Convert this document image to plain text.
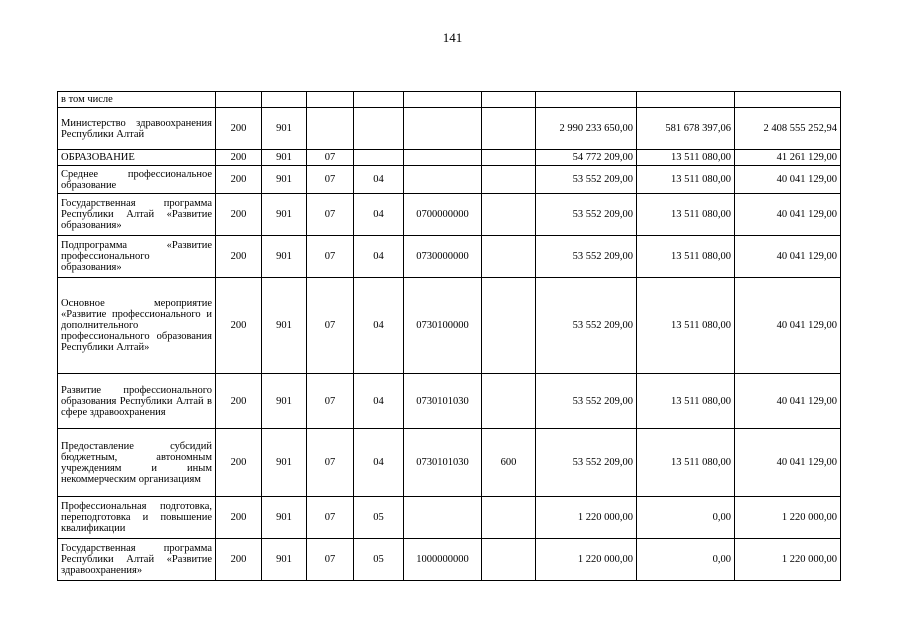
141
в том числе									
Министерство здравоохранения Республики Алтай	200	901					2 990 233 650,00	581 678 397,06	2 408 555 252,94
ОБРАЗОВАНИЕ	200	901	07				54 772 209,00	13 511 080,00	41 261 129,00
Среднее профессиональное образование	200	901	07	04			53 552 209,00	13 511 080,00	40 041 129,00
Государственная программа Республики Алтай «Развитие образования»	200	901	07	04	0700000000		53 552 209,00	13 511 080,00	40 041 129,00
Подпрограмма «Развитие профессионального образования»	200	901	07	04	0730000000		53 552 209,00	13 511 080,00	40 041 129,00
Основное мероприятие «Развитие профессионального и дополнительного профессионального образования Республики Алтай»	200	901	07	04	0730100000		53 552 209,00	13 511 080,00	40 041 129,00
Развитие профессионального образования Республики Алтай в сфере здравоохранения	200	901	07	04	0730101030		53 552 209,00	13 511 080,00	40 041 129,00
Предоставление субсидий бюджетным, автономным учреждениям и иным некоммерческим организациям	200	901	07	04	0730101030	600	53 552 209,00	13 511 080,00	40 041 129,00
Профессиональная подготовка, переподготовка и повышение квалификации	200	901	07	05			1 220 000,00	0,00	1 220 000,00
Государственная программа Республики Алтай «Развитие здравоохранения»	200	901	07	05	1000000000		1 220 000,00	0,00	1 220 000,00
